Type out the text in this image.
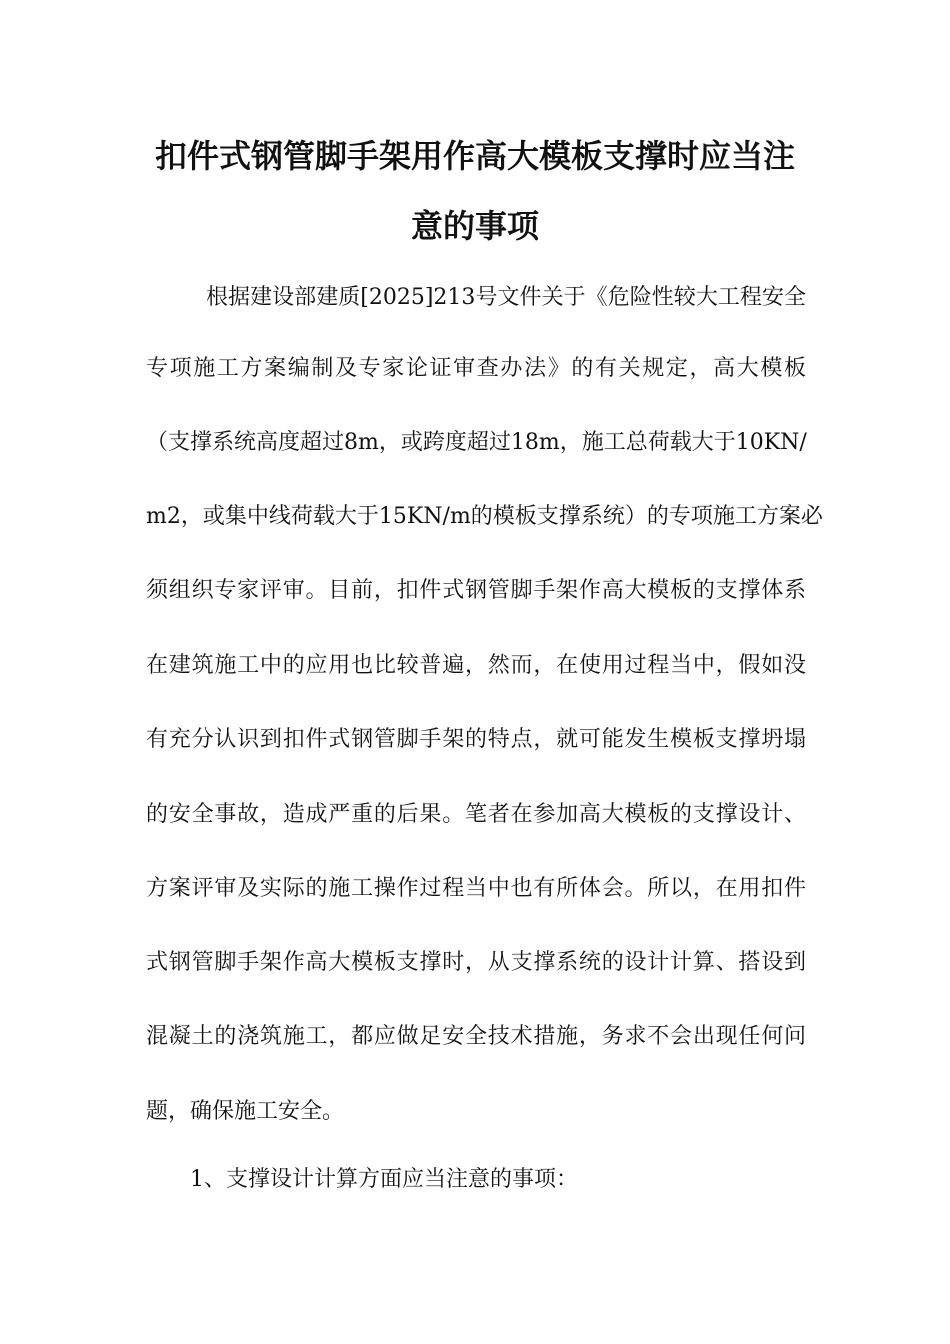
扣件式钢管脚手架用作高大模板支撑时应当注
意的事项
根据建设部建质[2025]213号文件关于《危险性较大工程安全
专项施工方案编制及专家论证审查办法》的有关规定，高大模板
（支撑系统高度超过8m，或跨度超过18m，施工总荷载大于10KN/
m2，或集中线荷载大于15KN/m的模板支撑系统）的专项施工方案必
须组织专家评审。目前，扣件式钢管脚手架作高大模板的支撑体系
在建筑施工中的应用也比较普遍，然而，在使用过程当中，假如没
有充分认识到扣件式钢管脚手架的特点，就可能发生模板支撑坍塌
的安全事故，造成严重的后果。笔者在参加高大模板的支撑设计、
方案评审及实际的施工操作过程当中也有所体会。所以，在用扣件
式钢管脚手架作高大模板支撑时，从支撑系统的设计计算、搭设到
混凝土的浇筑施工，都应做足安全技术措施，务求不会出现任何问
题，确保施工安全。
1、支撑设计计算方面应当注意的事项：
